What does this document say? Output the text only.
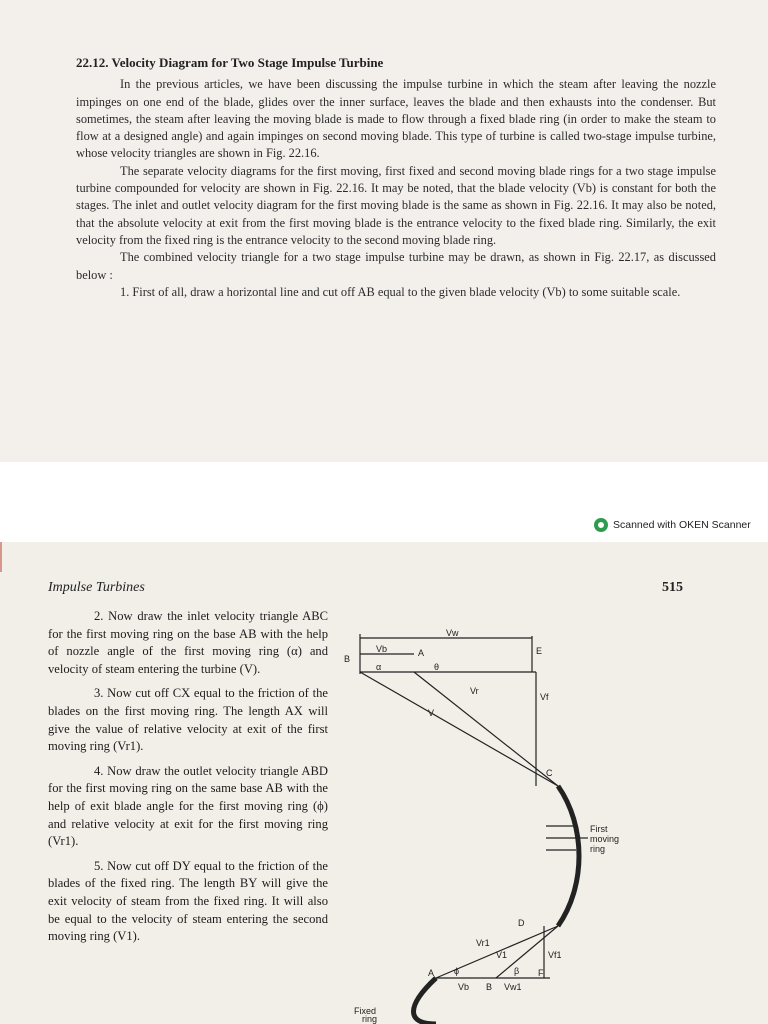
22.12. Velocity Diagram for Two Stage Impulse Turbine

In the previous articles, we have been discussing the impulse turbine in which the steam after leaving the nozzle impinges on one end of the blade, glides over the inner surface, leaves the blade and then exhausts into the condenser. But sometimes, the steam after leaving the moving blade is made to flow through a fixed blade ring (in order to make the steam to flow at a designed angle) and again impinges on second moving blade. This type of turbine is called two-stage impulse turbine, whose velocity triangles are shown in Fig. 22.16.

The separate velocity diagrams for the first moving, first fixed and second moving blade rings for a two stage impulse turbine compounded for velocity are shown in Fig. 22.16. It may be noted, that the blade velocity (Vb) is constant for both the stages. The inlet and outlet velocity diagram for the first moving blade is the same as shown in Fig. 22.16. It may also be noted, that the absolute velocity at exit from the first moving blade is the entrance velocity to the fixed blade ring. Similarly, the exit velocity from the fixed ring is the entrance velocity to the second moving blade ring.

The combined velocity triangle for a two stage impulse turbine may be drawn, as shown in Fig. 22.17, as discussed below :

1. First of all, draw a horizontal line and cut off AB equal to the given blade velocity (Vb) to some suitable scale.

Scanned with OKEN Scanner
Impulse Turbines	515

2. Now draw the inlet velocity triangle ABC for the first moving ring on the base AB with the help of nozzle angle of the first moving ring (α) and velocity of steam entering the turbine (V).

3. Now cut off CX equal to the friction of the blades on the first moving ring. The length AX will give the value of relative velocity at exit of the first moving ring (Vr1).

4. Now draw the outlet velocity triangle ABD for the first moving ring on the same base AB with the help of exit blade angle for the first moving ring (ϕ) and relative velocity at exit for the first moving ring (Vr1).

5. Now cut off DY equal to the friction of the blades of the fixed ring. The length BY will give the exit velocity of steam from the fixed ring. It will also be equal to the velocity of steam entering the second moving ring (V1).

Vw
Vb	A
B
E
α	θ
Vr
Vf
V
C
First
moving
ring
D
Vr1
V1	Vf1
A ϕ	β F
Vb B Vw1
Fixed
ring
